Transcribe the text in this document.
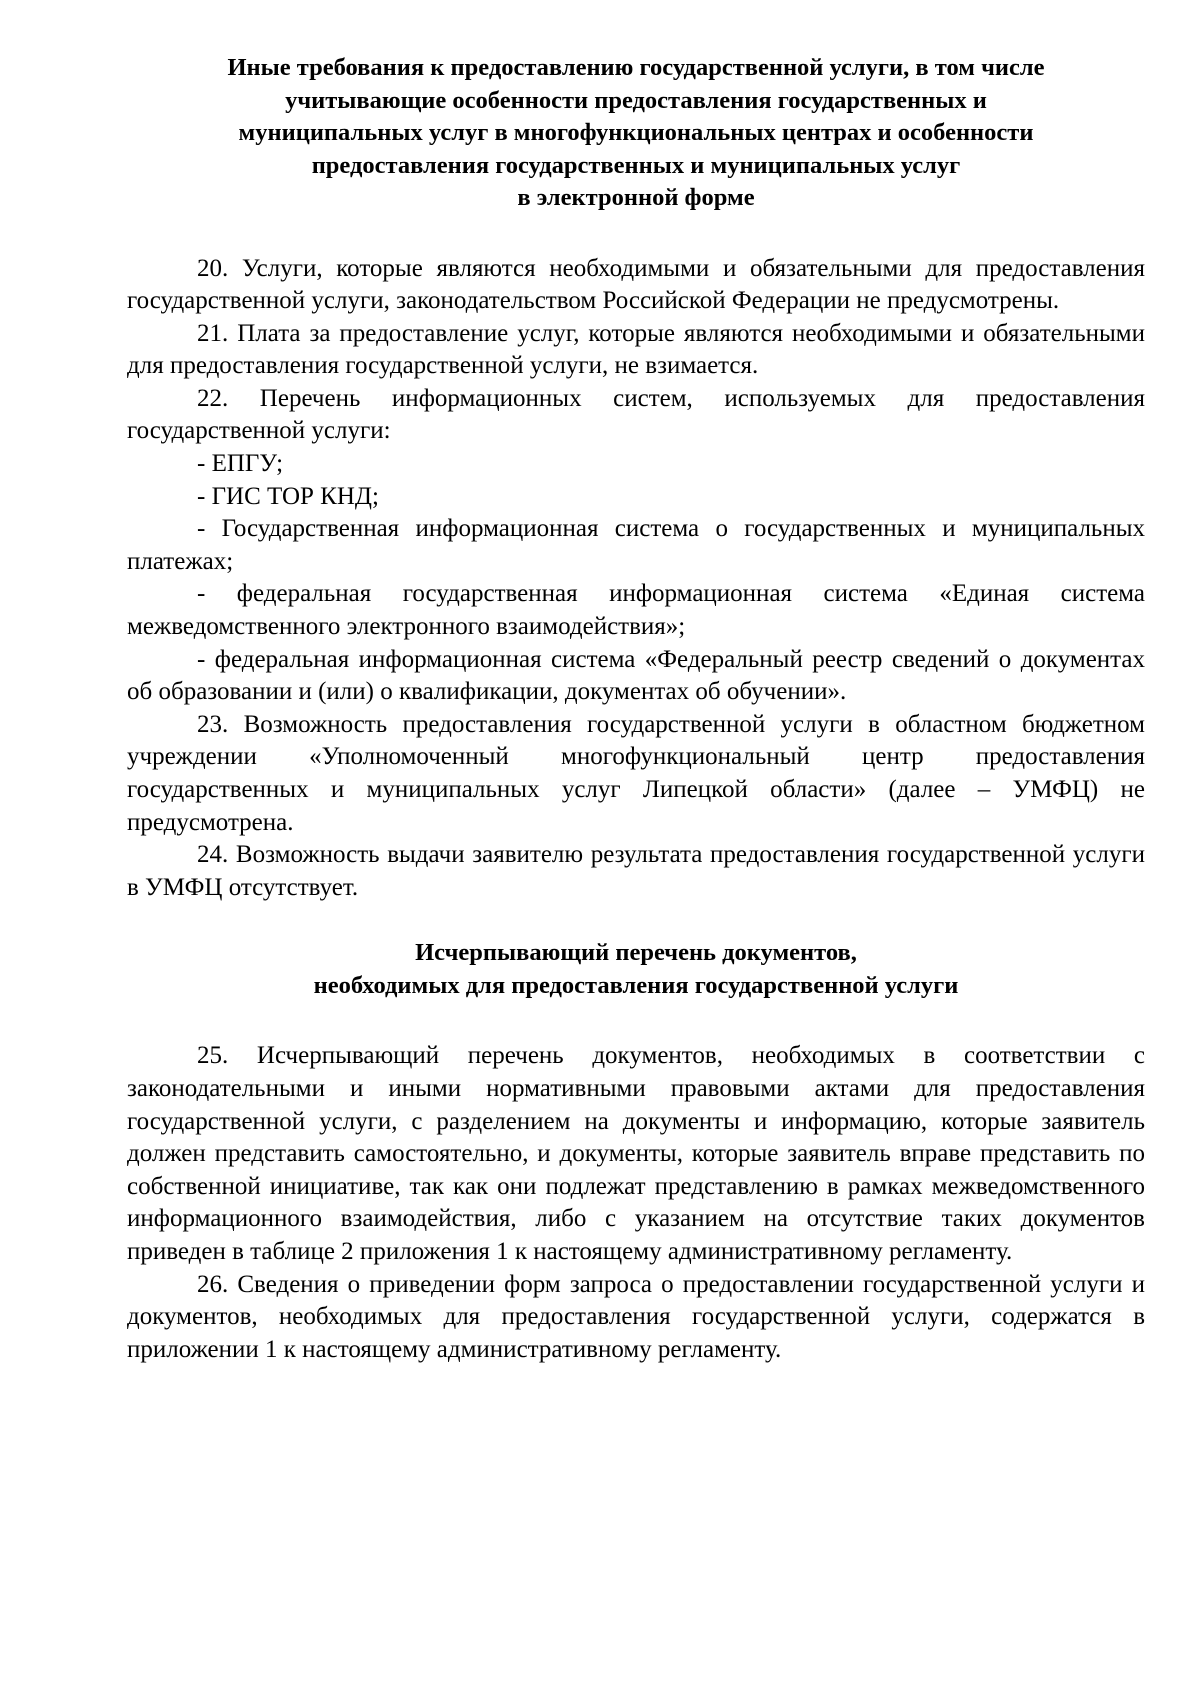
Иные требования к предоставлению государственной услуги, в том числе
учитывающие особенности предоставления государственных и
муниципальных услуг в многофункциональных центрах и особенности
предоставления государственных и муниципальных услуг
в электронной форме

20. Услуги, которые являются необходимыми и обязательными для предоставления государственной услуги, законодательством Российской Федерации не предусмотрены.

21. Плата за предоставление услуг, которые являются необходимыми и обязательными для предоставления государственной услуги, не взимается.

22. Перечень информационных систем, используемых для предоставления государственной услуги:

- ЕПГУ;

- ГИС ТОР КНД;

- Государственная информационная система о государственных и муниципальных платежах;

- федеральная государственная информационная система «Единая система межведомственного электронного взаимодействия»;

- федеральная информационная система «Федеральный реестр сведений о документах об образовании и (или) о квалификации, документах об обучении».

23. Возможность предоставления государственной услуги в областном бюджетном учреждении «Уполномоченный многофункциональный центр предоставления государственных и муниципальных услуг Липецкой области» (далее – УМФЦ) не предусмотрена.

24. Возможность выдачи заявителю результата предоставления государственной услуги в УМФЦ отсутствует.

Исчерпывающий перечень документов,
необходимых для предоставления государственной услуги

25. Исчерпывающий перечень документов, необходимых в соответствии с законодательными и иными нормативными правовыми актами для предоставления государственной услуги, с разделением на документы и информацию, которые заявитель должен представить самостоятельно, и документы, которые заявитель вправе представить по собственной инициативе, так как они подлежат представлению в рамках межведомственного информационного взаимодействия, либо с указанием на отсутствие таких документов приведен в таблице 2 приложения 1 к настоящему административному регламенту.

26. Сведения о приведении форм запроса о предоставлении государственной услуги и документов, необходимых для предоставления государственной услуги, содержатся в приложении 1 к настоящему административному регламенту.
